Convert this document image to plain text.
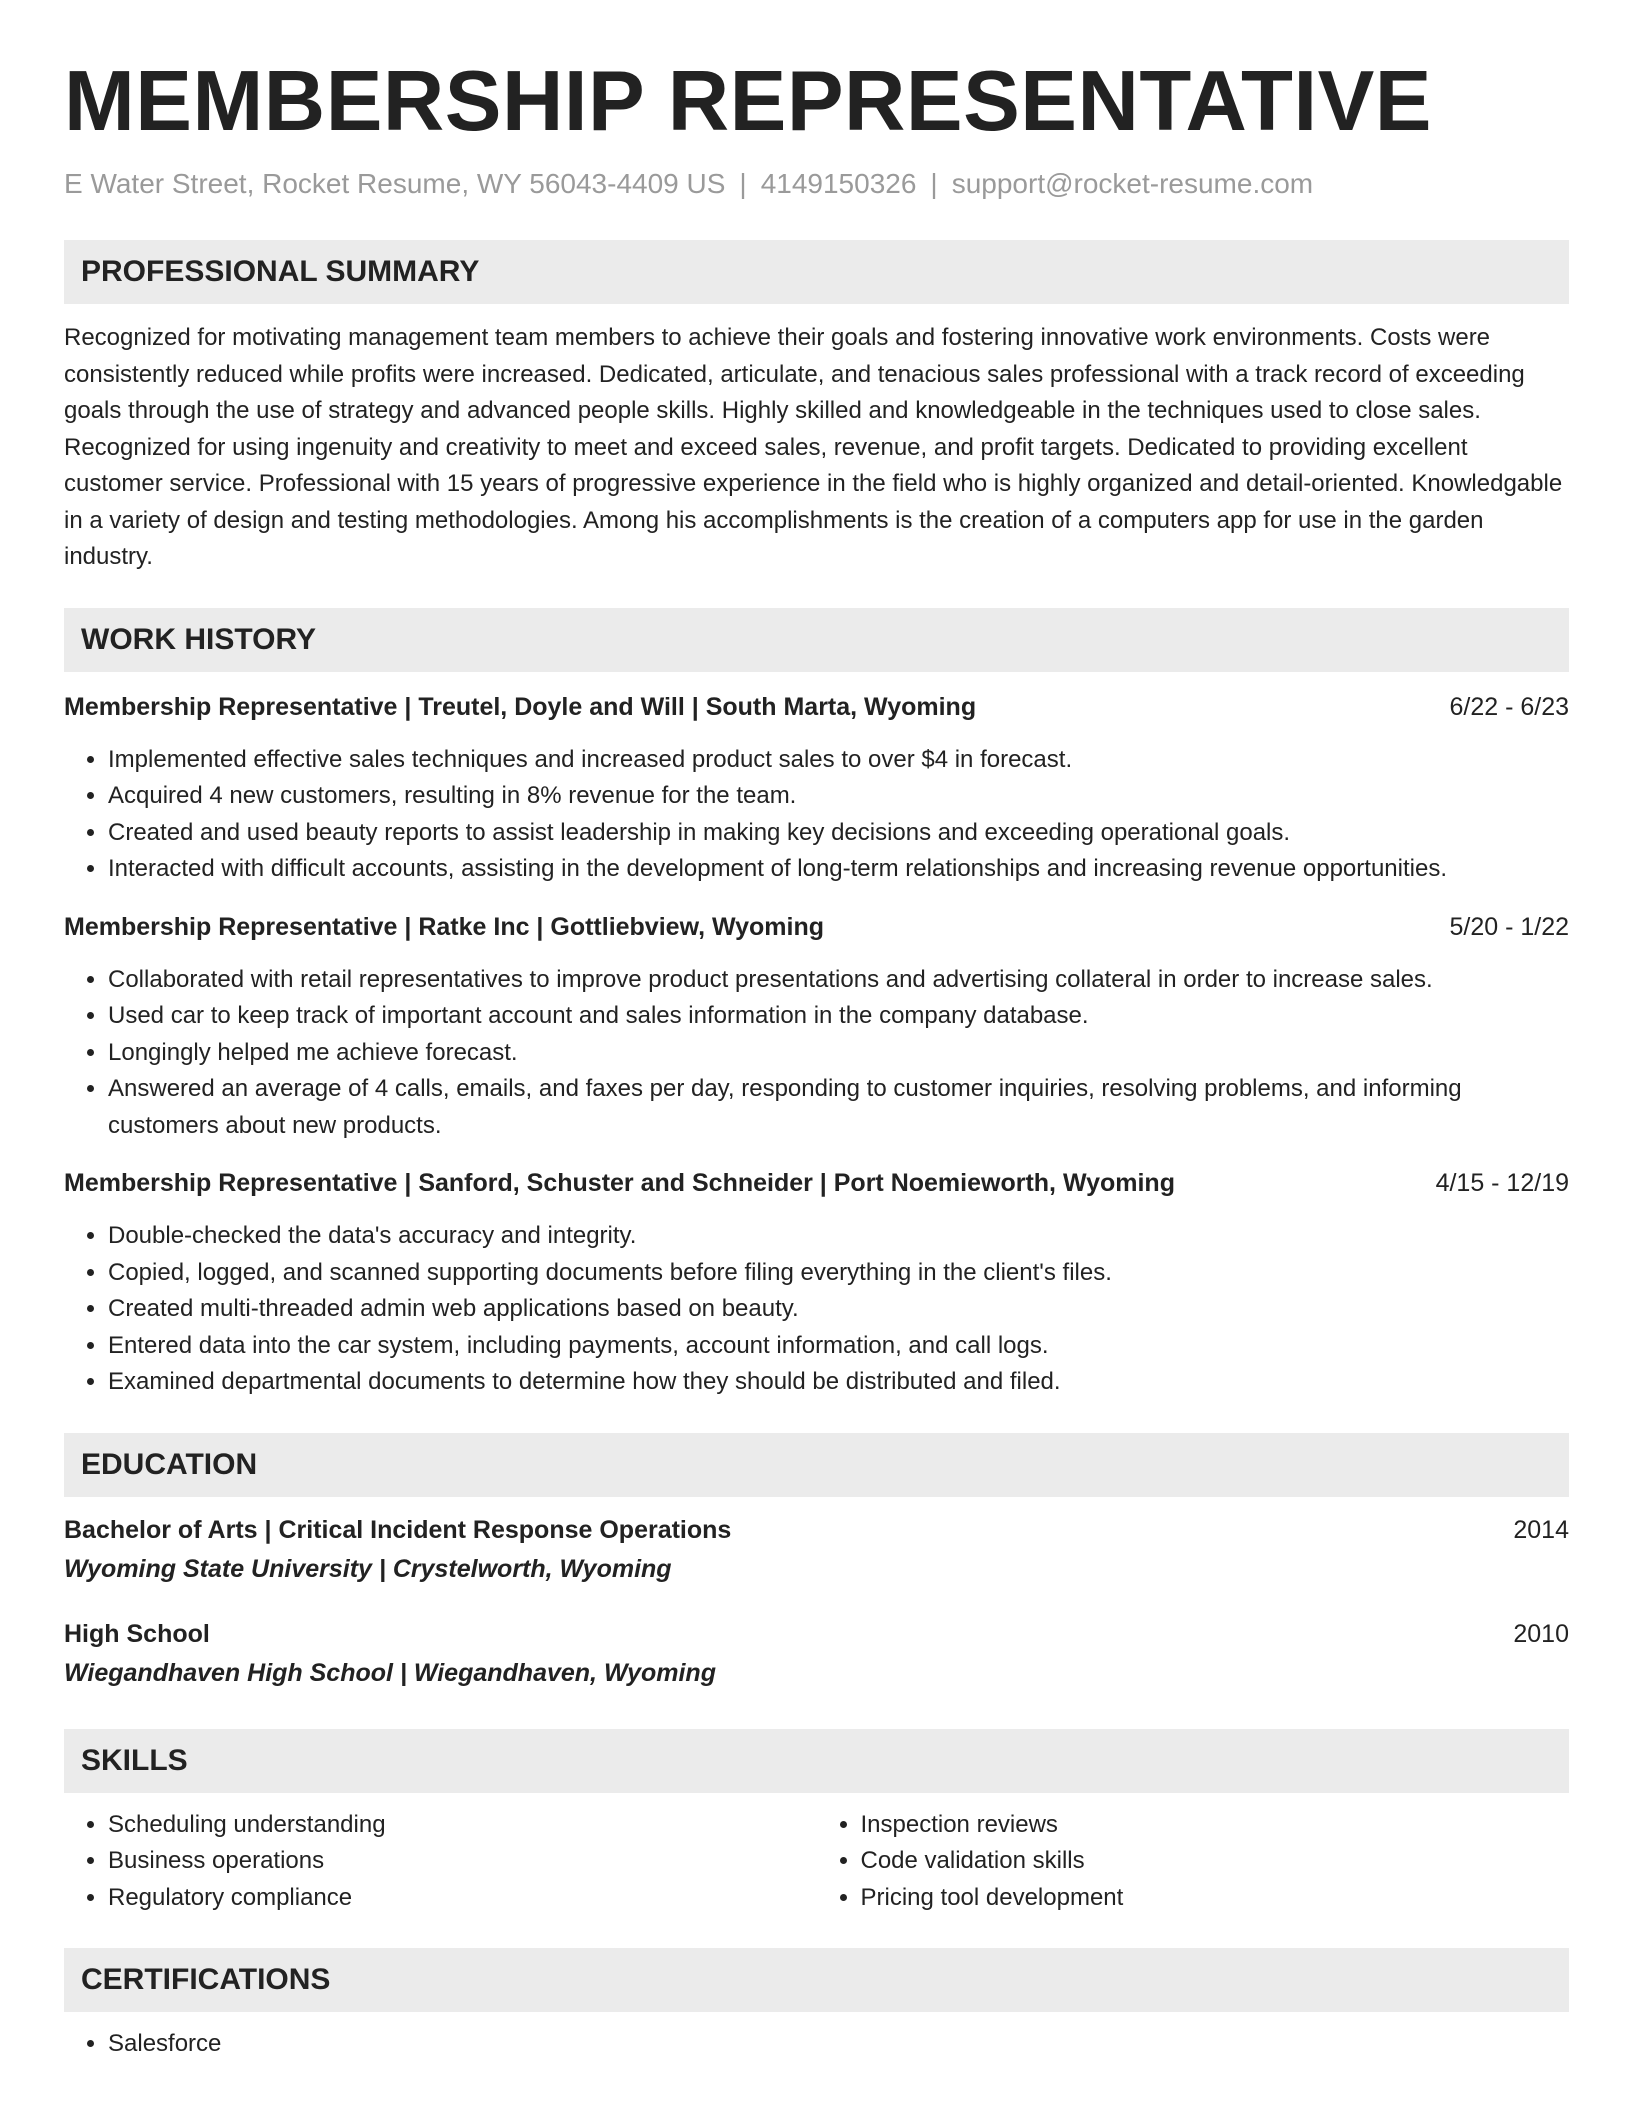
MEMBERSHIP REPRESENTATIVE
E Water Street, Rocket Resume, WY 56043-4409 US | 4149150326 | support@rocket-resume.com
PROFESSIONAL SUMMARY

Recognized for motivating management team members to achieve their goals and fostering innovative work environments. Costs were consistently reduced while profits were increased. Dedicated, articulate, and tenacious sales professional with a track record of exceeding goals through the use of strategy and advanced people skills. Highly skilled and knowledgeable in the techniques used to close sales. Recognized for using ingenuity and creativity to meet and exceed sales, revenue, and profit targets. Dedicated to providing excellent customer service. Professional with 15 years of progressive experience in the field who is highly organized and detail-oriented. Knowledgable in a variety of design and testing methodologies. Among his accomplishments is the creation of a computers app for use in the garden industry.

WORK HISTORY
Membership Representative | Treutel, Doyle and Will | South Marta, Wyoming	6/22 - 6/23
• Implemented effective sales techniques and increased product sales to over $4 in forecast.
• Acquired 4 new customers, resulting in 8% revenue for the team.
• Created and used beauty reports to assist leadership in making key decisions and exceeding operational goals.
• Interacted with difficult accounts, assisting in the development of long-term relationships and increasing revenue opportunities.
Membership Representative | Ratke Inc | Gottliebview, Wyoming	5/20 - 1/22
• Collaborated with retail representatives to improve product presentations and advertising collateral in order to increase sales.
• Used car to keep track of important account and sales information in the company database.
• Longingly helped me achieve forecast.
• Answered an average of 4 calls, emails, and faxes per day, responding to customer inquiries, resolving problems, and informing customers about new products.
Membership Representative | Sanford, Schuster and Schneider | Port Noemieworth, Wyoming	4/15 - 12/19
• Double-checked the data's accuracy and integrity.
• Copied, logged, and scanned supporting documents before filing everything in the client's files.
• Created multi-threaded admin web applications based on beauty.
• Entered data into the car system, including payments, account information, and call logs.
• Examined departmental documents to determine how they should be distributed and filed.
EDUCATION
Bachelor of Arts | Critical Incident Response Operations	2014
Wyoming State University | Crystelworth, Wyoming
High School	2010
Wiegandhaven High School | Wiegandhaven, Wyoming
SKILLS
• Scheduling understanding
• Business operations
• Regulatory compliance
• Inspection reviews
• Code validation skills
• Pricing tool development
CERTIFICATIONS
• Salesforce
